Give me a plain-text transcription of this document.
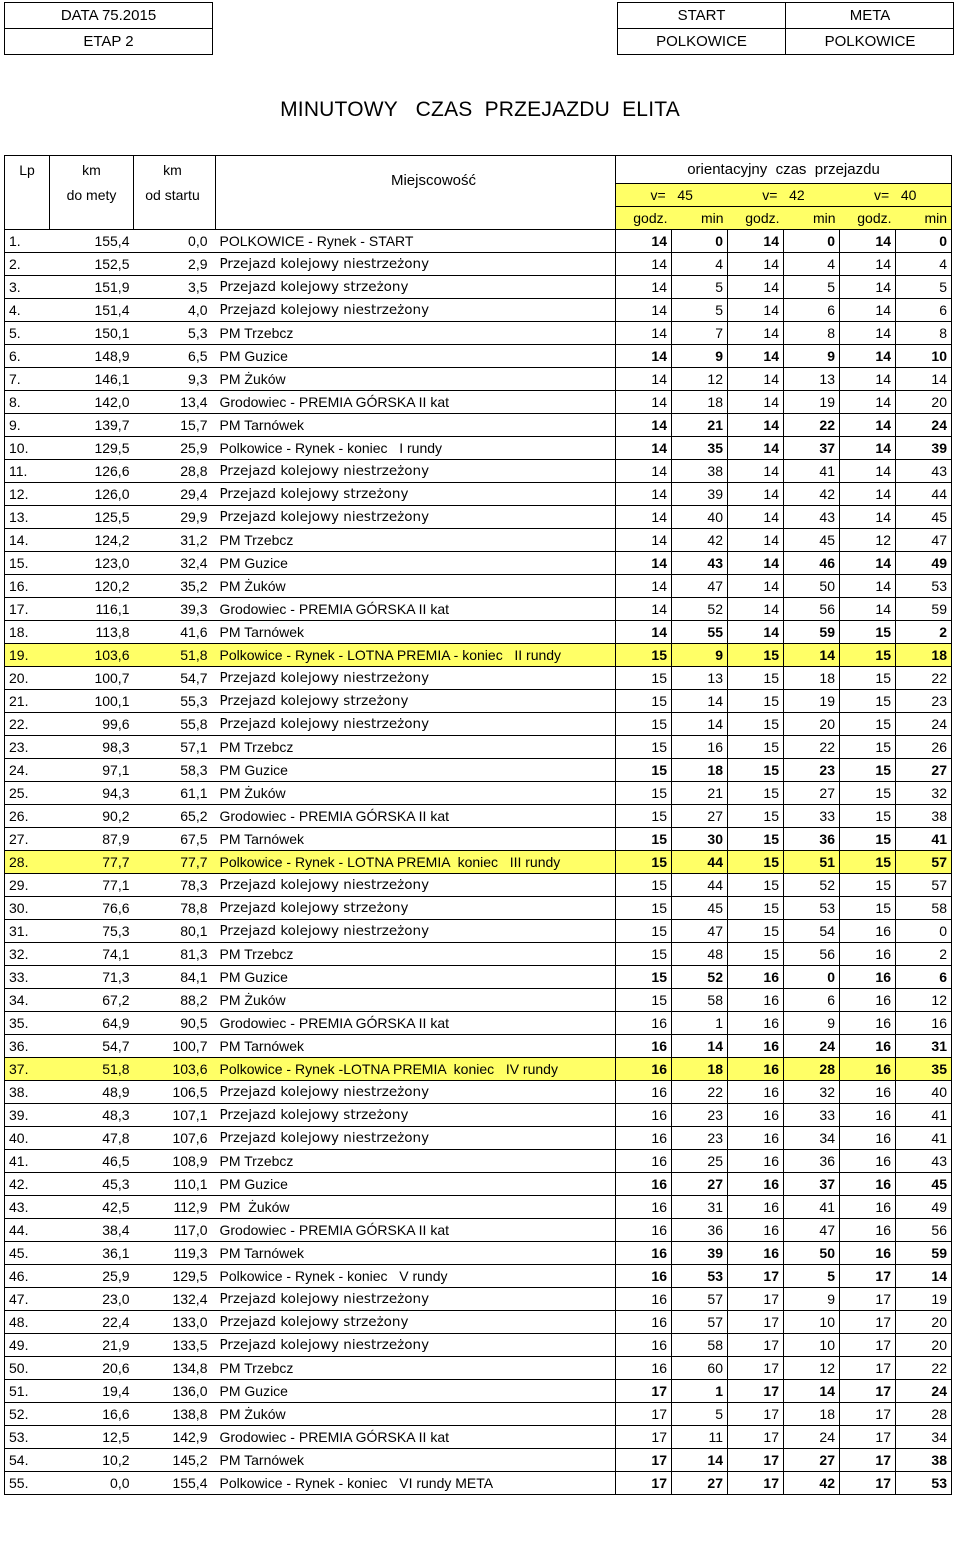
DATA 75.2015
ETAP 2
START	META
POLKOWICE	POLKOWICE
MINUTOWY   CZAS  PRZEJAZDU  ELITA
Lp	km	km	Miejscowość	orientacyjny  czas  przejazdu					
	do mety	od startu		v=   45		v=   42		v=   40	
				godz.	min	godz.	min	godz.	min
1.	155,4	0,0	POLKOWICE - Rynek - START	14	0	14	0	14	0
2.	152,5	2,9	Przejazd kolejowy niestrzeżony	14	4	14	4	14	4
3.	151,9	3,5	Przejazd kolejowy strzeżony	14	5	14	5	14	5
4.	151,4	4,0	Przejazd kolejowy niestrzeżony	14	5	14	6	14	6
5.	150,1	5,3	PM Trzebcz	14	7	14	8	14	8
6.	148,9	6,5	PM Guzice	14	9	14	9	14	10
7.	146,1	9,3	PM Żuków	14	12	14	13	14	14
8.	142,0	13,4	Grodowiec - PREMIA GÓRSKA II kat	14	18	14	19	14	20
9.	139,7	15,7	PM Tarnówek	14	21	14	22	14	24
10.	129,5	25,9	Polkowice - Rynek - koniec   I rundy	14	35	14	37	14	39
11.	126,6	28,8	Przejazd kolejowy niestrzeżony	14	38	14	41	14	43
12.	126,0	29,4	Przejazd kolejowy strzeżony	14	39	14	42	14	44
13.	125,5	29,9	Przejazd kolejowy niestrzeżony	14	40	14	43	14	45
14.	124,2	31,2	PM Trzebcz	14	42	14	45	12	47
15.	123,0	32,4	PM Guzice	14	43	14	46	14	49
16.	120,2	35,2	PM Żuków	14	47	14	50	14	53
17.	116,1	39,3	Grodowiec - PREMIA GÓRSKA II kat	14	52	14	56	14	59
18.	113,8	41,6	PM Tarnówek	14	55	14	59	15	2
19.	103,6	51,8	Polkowice - Rynek - LOTNA PREMIA - koniec   II rundy	15	9	15	14	15	18
20.	100,7	54,7	Przejazd kolejowy niestrzeżony	15	13	15	18	15	22
21.	100,1	55,3	Przejazd kolejowy strzeżony	15	14	15	19	15	23
22.	99,6	55,8	Przejazd kolejowy niestrzeżony	15	14	15	20	15	24
23.	98,3	57,1	PM Trzebcz	15	16	15	22	15	26
24.	97,1	58,3	PM Guzice	15	18	15	23	15	27
25.	94,3	61,1	PM Żuków	15	21	15	27	15	32
26.	90,2	65,2	Grodowiec - PREMIA GÓRSKA II kat	15	27	15	33	15	38
27.	87,9	67,5	PM Tarnówek	15	30	15	36	15	41
28.	77,7	77,7	Polkowice - Rynek - LOTNA PREMIA  koniec   III rundy	15	44	15	51	15	57
29.	77,1	78,3	Przejazd kolejowy niestrzeżony	15	44	15	52	15	57
30.	76,6	78,8	Przejazd kolejowy strzeżony	15	45	15	53	15	58
31.	75,3	80,1	Przejazd kolejowy niestrzeżony	15	47	15	54	16	0
32.	74,1	81,3	PM Trzebcz	15	48	15	56	16	2
33.	71,3	84,1	PM Guzice	15	52	16	0	16	6
34.	67,2	88,2	PM Żuków	15	58	16	6	16	12
35.	64,9	90,5	Grodowiec - PREMIA GÓRSKA II kat	16	1	16	9	16	16
36.	54,7	100,7	PM Tarnówek	16	14	16	24	16	31
37.	51,8	103,6	Polkowice - Rynek -LOTNA PREMIA  koniec   IV rundy	16	18	16	28	16	35
38.	48,9	106,5	Przejazd kolejowy niestrzeżony	16	22	16	32	16	40
39.	48,3	107,1	Przejazd kolejowy strzeżony	16	23	16	33	16	41
40.	47,8	107,6	Przejazd kolejowy niestrzeżony	16	23	16	34	16	41
41.	46,5	108,9	PM Trzebcz	16	25	16	36	16	43
42.	45,3	110,1	PM Guzice	16	27	16	37	16	45
43.	42,5	112,9	PM  Żuków	16	31	16	41	16	49
44.	38,4	117,0	Grodowiec - PREMIA GÓRSKA II kat	16	36	16	47	16	56
45.	36,1	119,3	PM Tarnówek	16	39	16	50	16	59
46.	25,9	129,5	Polkowice - Rynek - koniec   V rundy	16	53	17	5	17	14
47.	23,0	132,4	Przejazd kolejowy niestrzeżony	16	57	17	9	17	19
48.	22,4	133,0	Przejazd kolejowy strzeżony	16	57	17	10	17	20
49.	21,9	133,5	Przejazd kolejowy niestrzeżony	16	58	17	10	17	20
50.	20,6	134,8	PM Trzebcz	16	60	17	12	17	22
51.	19,4	136,0	PM Guzice	17	1	17	14	17	24
52.	16,6	138,8	PM Żuków	17	5	17	18	17	28
53.	12,5	142,9	Grodowiec - PREMIA GÓRSKA II kat	17	11	17	24	17	34
54.	10,2	145,2	PM Tarnówek	17	14	17	27	17	38
55.	0,0	155,4	Polkowice - Rynek - koniec   VI rundy META	17	27	17	42	17	53
